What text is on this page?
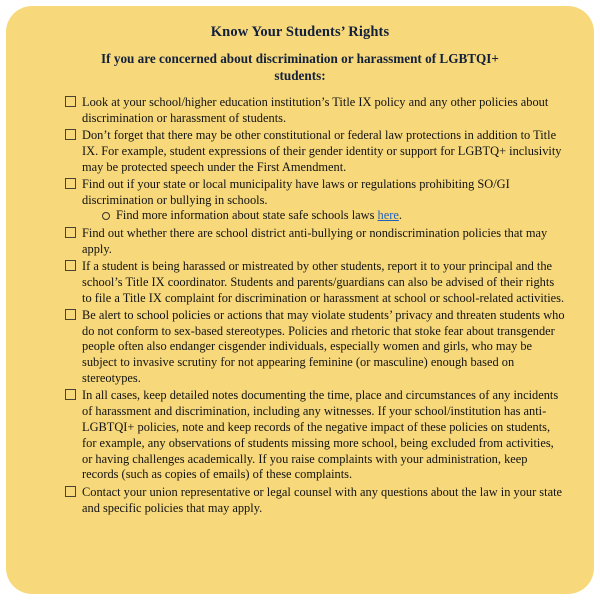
Know Your Students’ Rights
If you are concerned about discrimination or harassment of LGBTQI+ students:
Look at your school/higher education institution’s Title IX policy and any other policies about discrimination or harassment of students.
Don’t forget that there may be other constitutional or federal law protections in addition to Title IX. For example, student expressions of their gender identity or support for LGBTQ+ inclusivity may be protected speech under the First Amendment.
Find out if your state or local municipality have laws or regulations prohibiting SO/GI discrimination or bullying in schools.
Find more information about state safe schools laws here.
Find out whether there are school district anti-bullying or nondiscrimination policies that may apply.
If a student is being harassed or mistreated by other students, report it to your principal and the school’s Title IX coordinator. Students and parents/guardians can also be advised of their rights to file a Title IX complaint for discrimination or harassment at school or school-related activities.
Be alert to school policies or actions that may violate students’ privacy and threaten students who do not conform to sex-based stereotypes. Policies and rhetoric that stoke fear about transgender people often also endanger cisgender individuals, especially women and girls, who may be subject to invasive scrutiny for not appearing feminine (or masculine) enough based on stereotypes.
In all cases, keep detailed notes documenting the time, place and circumstances of any incidents of harassment and discrimination, including any witnesses. If your school/institution has anti-LGBTQI+ policies, note and keep records of the negative impact of these policies on students, for example, any observations of students missing more school, being excluded from activities, or having challenges academically. If you raise complaints with your administration, keep records (such as copies of emails) of these complaints.
Contact your union representative or legal counsel with any questions about the law in your state and specific policies that may apply.
